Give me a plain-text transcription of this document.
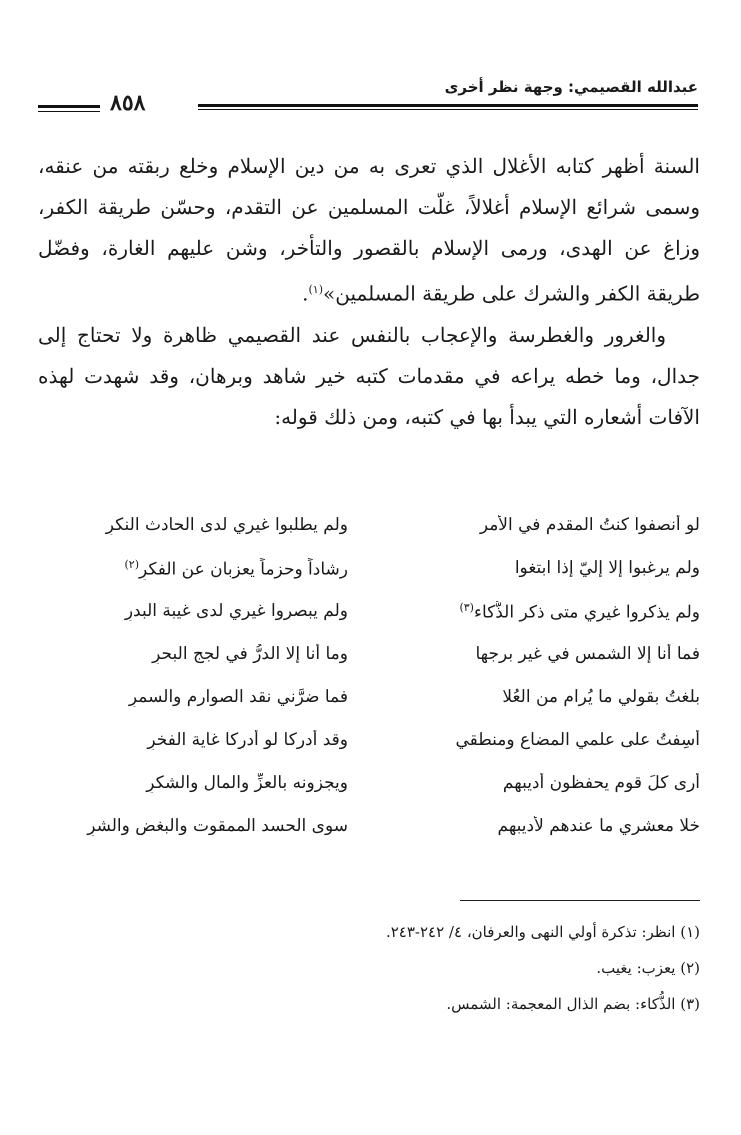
عبدالله القصيمي: وجهة نظر أخرى
٨٥٨

السنة أظهر كتابه الأغلال الذي تعرى به من دين الإسلام وخلع ربقته من عنقه، وسمى شرائع الإسلام أغلالاً، غلّت المسلمين عن التقدم، وحسّن طريقة الكفر، وزاغ عن الهدى، ورمى الإسلام بالقصور والتأخر، وشن عليهم الغارة، وفضّل طريقة الكفر والشرك على طريقة المسلمين»$^{(١)}$.

والغرور والغطرسة والإعجاب بالنفس عند القصيمي ظاهرة ولا تحتاج إلى جدال، وما خطه يراعه في مقدمات كتبه خير شاهد وبرهان، وقد شهدت لهذه الآفات أشعاره التي يبدأ بها في كتبه، ومن ذلك قوله:

لو أنصفوا كنتُ المقدم في الأمر
ولم يطلبوا غيري لدى الحادث النكرِ
ولم يرغبوا إلا إليّ إذا ابتغوا
رشاداً وحزماً يعزبان عن الفكرِ$^{(٢)}$
ولم يذكروا غيري متى ذكر الذُّكاء$^{(٣)}$
ولم يبصروا غيري لدى غيبة البدرِ
فما أنا إلا الشمس في غير برجها
وما أنا إلا الدرُّ في لجج البحرِ
بلغتُ بقولي ما يُرام من العُلا
فما ضرَّني نقد الصوارم والسمرِ
أسِفتُ على علمي المضاع ومنطقي
وقد أدركا لو أدركا غاية الفخرِ
أرى كلَ قوم يحفظون أديبهم
ويجزونه بالعزِّ والمال والشكرِ
خلا معشري ما عندهم لأديبهم
سوى الحسد الممقوت والبغض والشرِ
(١) انظر: تذكرة أولي النهى والعرفان، ٤/ ٢٤٢-٢٤٣.
(٢) يعزب: يغيب.
(٣) الذُّكاء: بضم الذال المعجمة: الشمس.
